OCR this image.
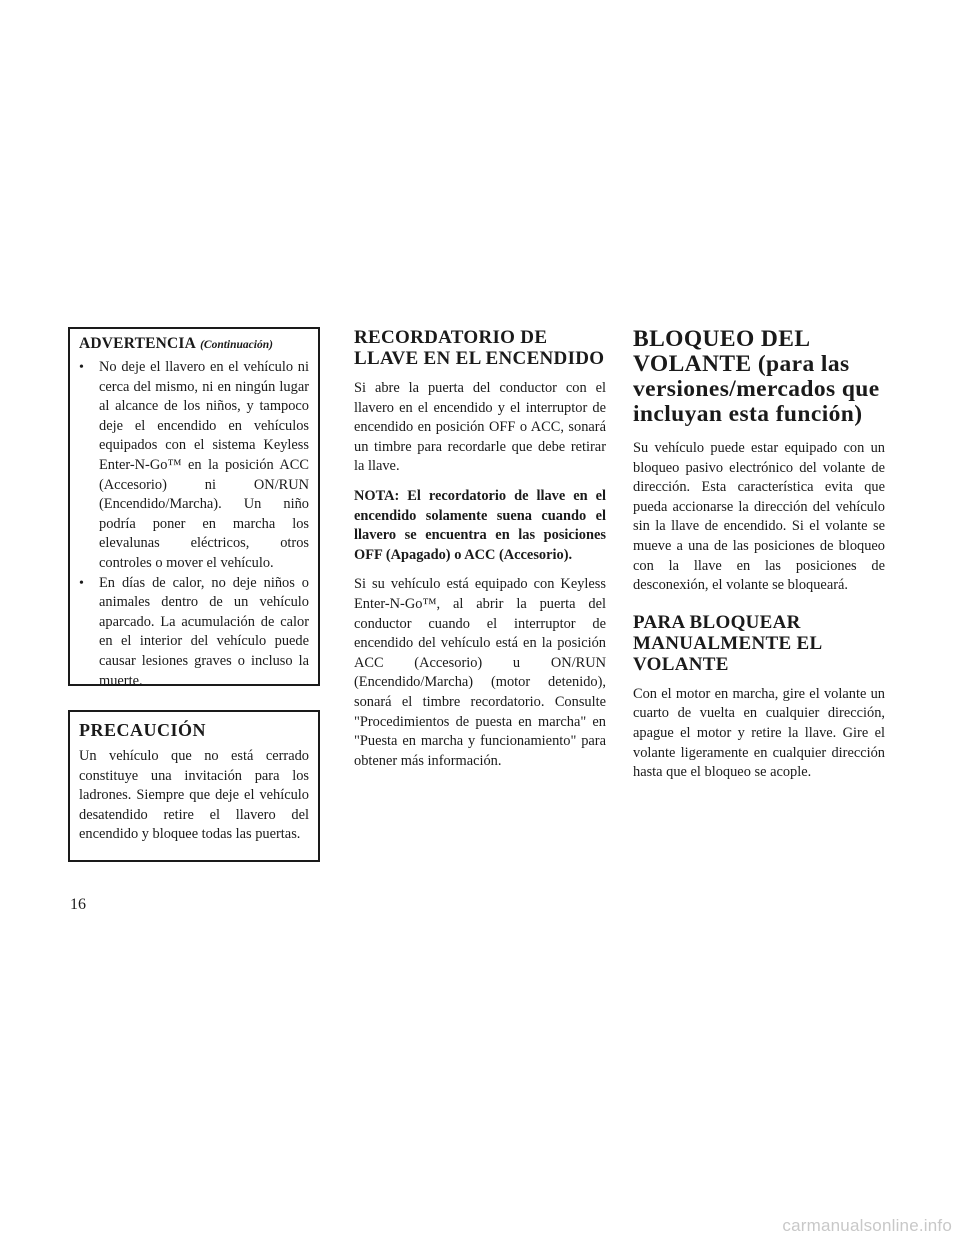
ADVERTENCIA (Continuación)
• No deje el llavero en el vehículo ni cerca del mismo, ni en ningún lugar al alcance de los niños, y tampoco deje el encendido en vehículos equipados con el sistema Keyless Enter-N-Go™ en la posición ACC (Accesorio) ni ON/RUN (Encendido/Marcha). Un niño podría poner en marcha los elevalunas eléctricos, otros controles o mover el vehículo.
• En días de calor, no deje niños o animales dentro de un vehículo aparcado. La acumulación de calor en el interior del vehículo puede causar lesiones graves o incluso la muerte.
PRECAUCIÓN
Un vehículo que no está cerrado constituye una invitación para los ladrones. Siempre que deje el vehículo desatendido retire el llavero del encendido y bloquee todas las puertas.
RECORDATORIO DE LLAVE EN EL ENCENDIDO

Si abre la puerta del conductor con el llavero en el encendido y el interruptor de encendido en posición OFF o ACC, sonará un timbre para recordarle que debe retirar la llave.

NOTA: El recordatorio de llave en el encendido solamente suena cuando el llavero se encuentra en las posiciones OFF (Apagado) o ACC (Accesorio).

Si su vehículo está equipado con Keyless Enter-N-Go™, al abrir la puerta del conductor cuando el interruptor de encendido del vehículo está en la posición ACC (Accesorio) u ON/RUN (Encendido/Marcha) (motor detenido), sonará el timbre recordatorio. Consulte "Procedimientos de puesta en marcha" en "Puesta en marcha y funcionamiento" para obtener más información.

BLOQUEO DEL VOLANTE (para las versiones/mercados que incluyan esta función)

Su vehículo puede estar equipado con un bloqueo pasivo electrónico del volante de dirección. Esta característica evita que pueda accionarse la dirección del vehículo sin la llave de encendido. Si el volante se mueve a una de las posiciones de bloqueo con la llave en las posiciones de desconexión, el volante se bloqueará.

PARA BLOQUEAR MANUALMENTE EL VOLANTE

Con el motor en marcha, gire el volante un cuarto de vuelta en cualquier dirección, apague el motor y retire la llave. Gire el volante ligeramente en cualquier dirección hasta que el bloqueo se acople.

16
carmanualsonline.info
